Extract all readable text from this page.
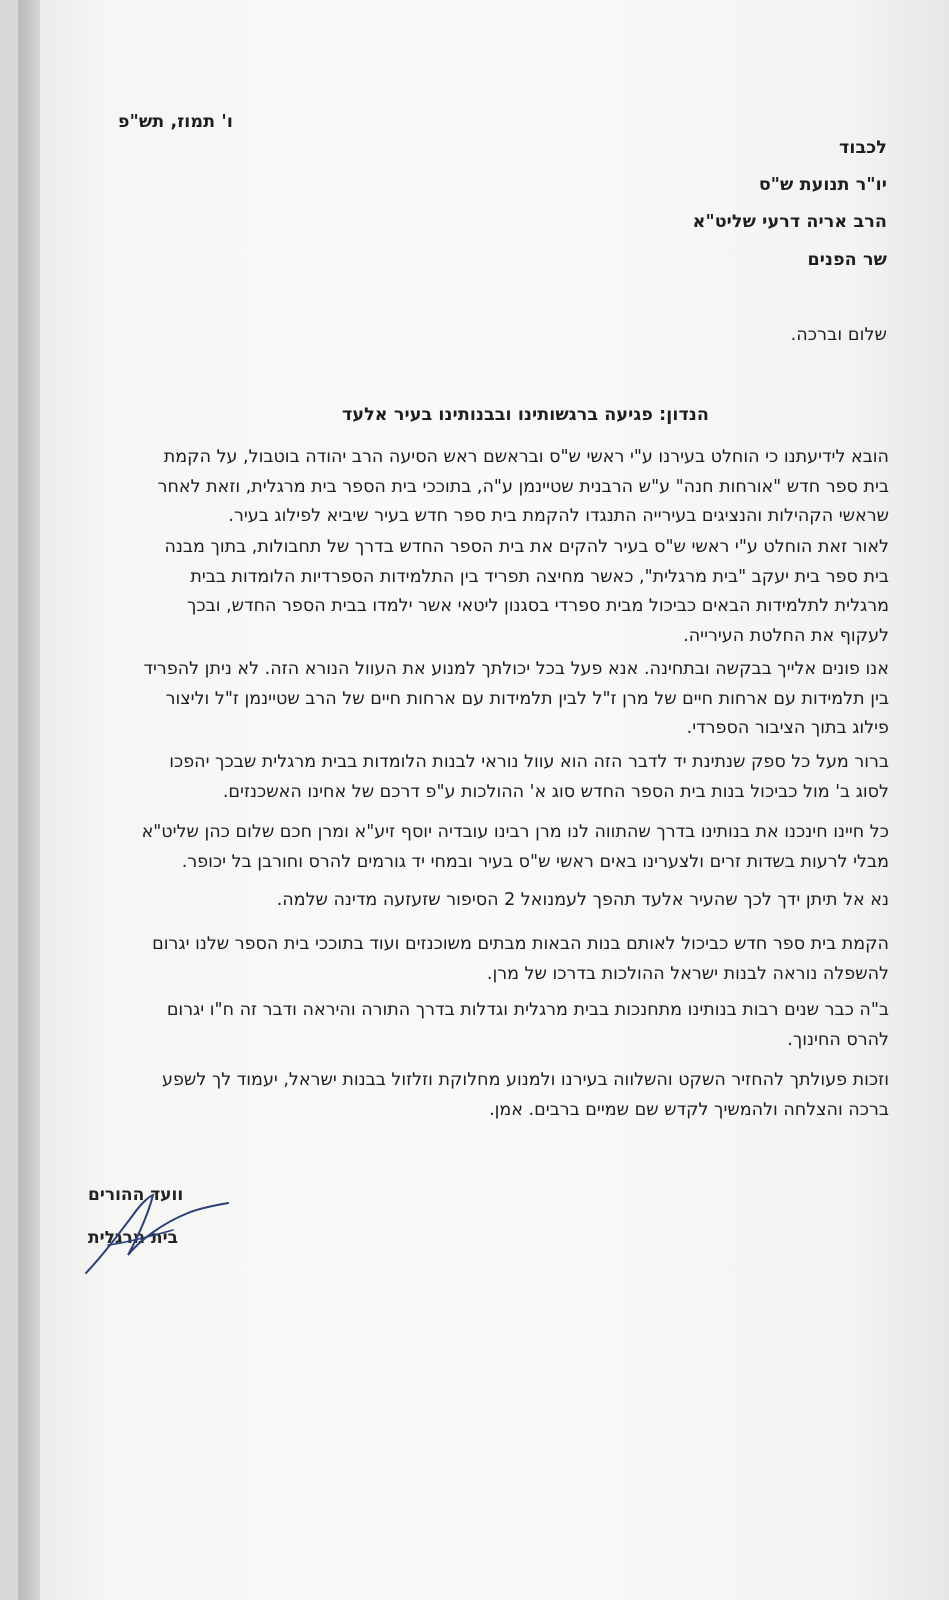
ו' תמוז, תש"פ
לכבוד
יו"ר תנועת ש"ס
הרב אריה דרעי שליט"א
שר הפנים
שלום וברכה.
הנדון: פגיעה ברגשותינו ובבנותינו בעיר אלעד
הובא לידיעתנו כי הוחלט בעירנו ע"י ראשי ש"ס ובראשם ראש הסיעה הרב יהודה בוטבול, על הקמת
בית ספר חדש "אורחות חנה" ע"ש הרבנית שטיינמן ע"ה, בתוככי בית הספר בית מרגלית, וזאת לאחר
שראשי הקהילות והנציגים בעירייה התנגדו להקמת בית ספר חדש בעיר שיביא לפילוג בעיר.
לאור זאת הוחלט ע"י ראשי ש"ס בעיר להקים את בית הספר החדש בדרך של תחבולות, בתוך מבנה
בית ספר בית יעקב "בית מרגלית", כאשר מחיצה תפריד בין התלמידות הספרדיות הלומדות בבית
מרגלית לתלמידות הבאים כביכול מבית ספרדי בסגנון ליטאי אשר ילמדו בבית הספר החדש, ובכך
לעקוף את החלטת העירייה.
אנו פונים אלייך בבקשה ובתחינה. אנא פעל בכל יכולתך למנוע את העוול הנורא הזה. לא ניתן להפריד
בין תלמידות עם ארחות חיים של מרן ז"ל לבין תלמידות עם ארחות חיים של הרב שטיינמן ז"ל וליצור
פילוג בתוך הציבור הספרדי.
ברור מעל כל ספק שנתינת יד לדבר הזה הוא עוול נוראי לבנות הלומדות בבית מרגלית שבכך יהפכו
לסוג ב' מול כביכול בנות בית הספר החדש סוג א' ההולכות ע"פ דרכם של אחינו האשכנזים.
כל חיינו חינכנו את בנותינו בדרך שהתווה לנו מרן רבינו עובדיה יוסף זיע"א ומרן חכם שלום כהן שליט"א
מבלי לרעות בשדות זרים ולצערינו באים ראשי ש"ס בעיר ובמחי יד גורמים להרס וחורבן בל יכופר.
נא אל תיתן ידך לכך שהעיר אלעד תהפך לעמנואל 2 הסיפור שזעזעה מדינה שלמה.
הקמת בית ספר חדש כביכול לאותם בנות הבאות מבתים משוכנזים ועוד בתוככי בית הספר שלנו יגרום
להשפלה נוראה לבנות ישראל ההולכות בדרכו של מרן.
ב"ה כבר שנים רבות בנותינו מתחנכות בבית מרגלית וגדלות בדרך התורה והיראה ודבר זה ח"ו יגרום
להרס החינוך.
וזכות פעולתך להחזיר השקט והשלווה בעירנו ולמנוע מחלוקת וזלזול בבנות ישראל, יעמוד לך לשפע
ברכה והצלחה ולהמשיך לקדש שם שמיים ברבים. אמן.
וועד ההורים
בית מרגלית
